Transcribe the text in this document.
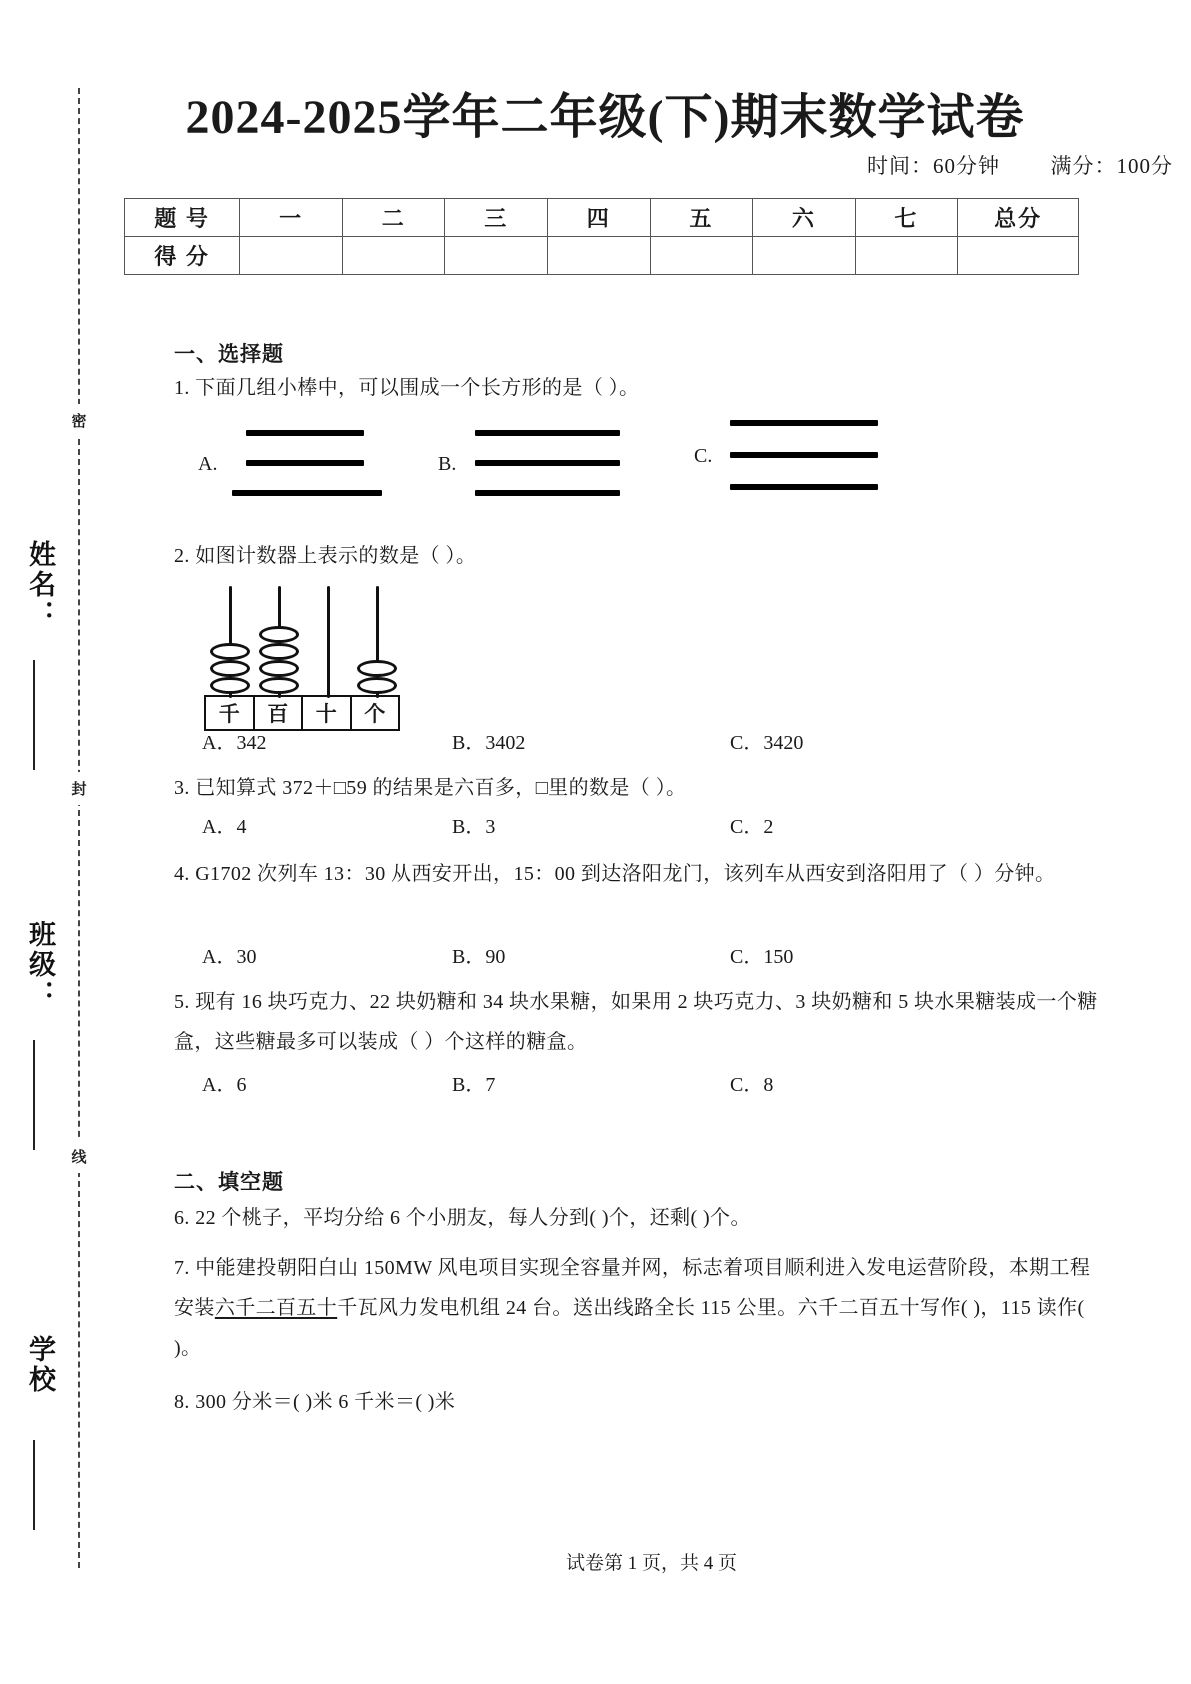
密
封
线
姓名：
班级：
学校
2024-2025学年二年级(下)期末数学试卷
时间：60分钟 满分：100分
题 号	一	二	三	四	五	六	七	总分
得 分								
一、选择题
1. 下面几组小棒中，可以围成一个长方形的是（ ）。
A.	B.	C.
2. 如图计数器上表示的数是（ ）。
千	百	十	个
A．342	B．3402	C．3420
3. 已知算式 372＋□59 的结果是六百多，□里的数是（ ）。
A．4	B．3	C．2
4. G1702 次列车 13：30 从西安开出，15：00 到达洛阳龙门，该列车从西安到洛阳用了（ ）分钟。
A．30	B．90	C．150
5. 现有 16 块巧克力、22 块奶糖和 34 块水果糖，如果用 2 块巧克力、3 块奶糖和 5 块水果糖装成一个糖盒，这些糖最多可以装成（ ）个这样的糖盒。
A．6	B．7	C．8
二、填空题
6. 22 个桃子，平均分给 6 个小朋友，每人分到( )个，还剩( )个。
7. 中能建投朝阳白山 150MW 风电项目实现全容量并网，标志着项目顺利进入发电运营阶段，本期工程安装六千二百五十千瓦风力发电机组 24 台。送出线路全长 115 公里。六千二百五十写作( )，115 读作( )。
8. 300 分米＝( )米 6 千米＝( )米
试卷第 1 页，共 4 页
